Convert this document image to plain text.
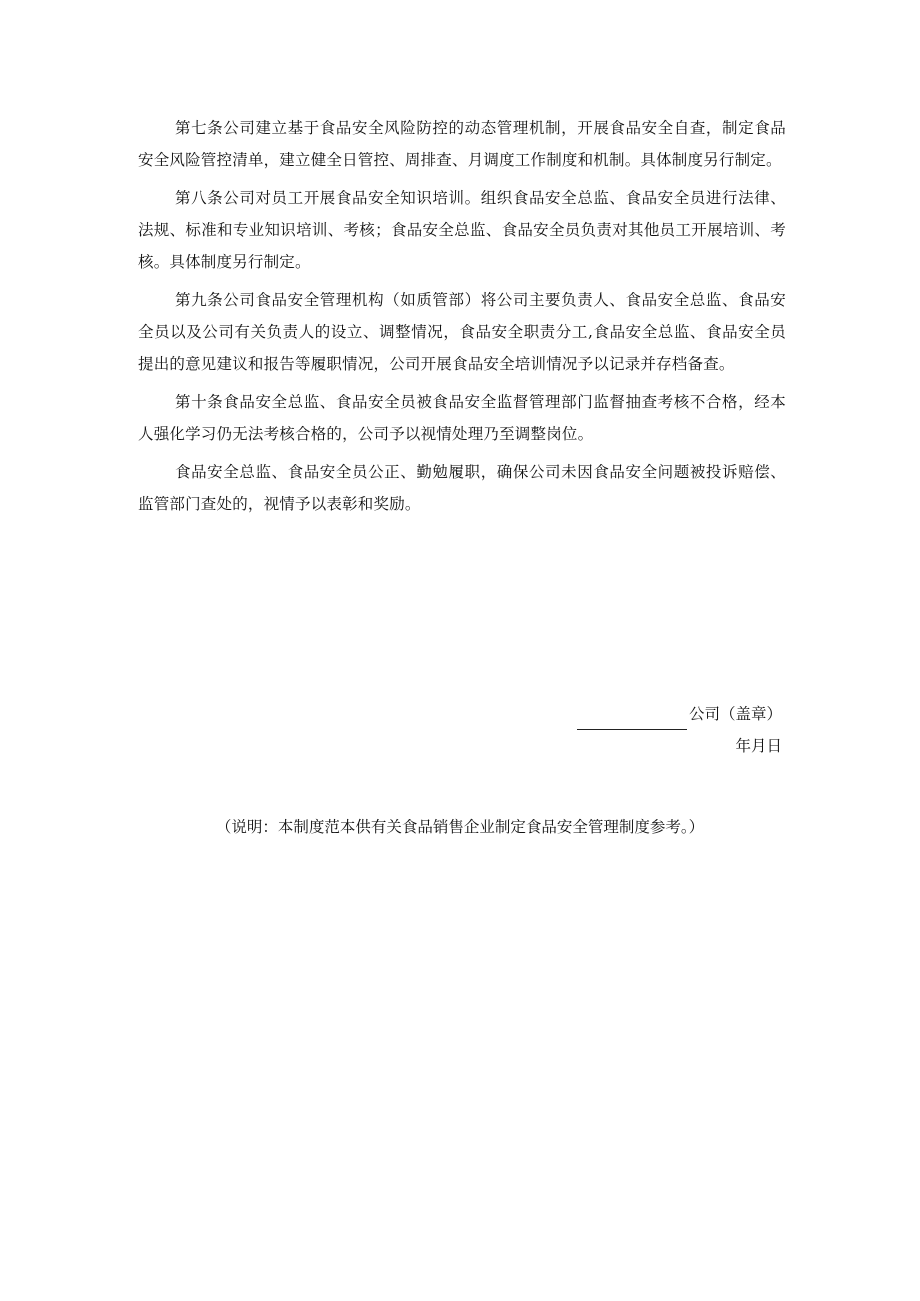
第七条公司建立基于食品安全风险防控的动态管理机制，开展食品安全自查，制定食品安全风险管控清单，建立健全日管控、周排查、月调度工作制度和机制。具体制度另行制定。

第八条公司对员工开展食品安全知识培训。组织食品安全总监、食品安全员进行法律、法规、标准和专业知识培训、考核；食品安全总监、食品安全员负责对其他员工开展培训、考核。具体制度另行制定。

第九条公司食品安全管理机构（如质管部）将公司主要负责人、食品安全总监、食品安全员以及公司有关负责人的设立、调整情况，食品安全职责分工,食品安全总监、食品安全员提出的意见建议和报告等履职情况，公司开展食品安全培训情况予以记录并存档备查。

第十条食品安全总监、食品安全员被食品安全监督管理部门监督抽查考核不合格，经本人强化学习仍无法考核合格的，公司予以视情处理乃至调整岗位。

食品安全总监、食品安全员公正、勤勉履职，确保公司未因食品安全问题被投诉赔偿、监管部门查处的，视情予以表彰和奖励。

公司（盖章）
年月日
（说明：本制度范本供有关食品销售企业制定食品安全管理制度参考。）
